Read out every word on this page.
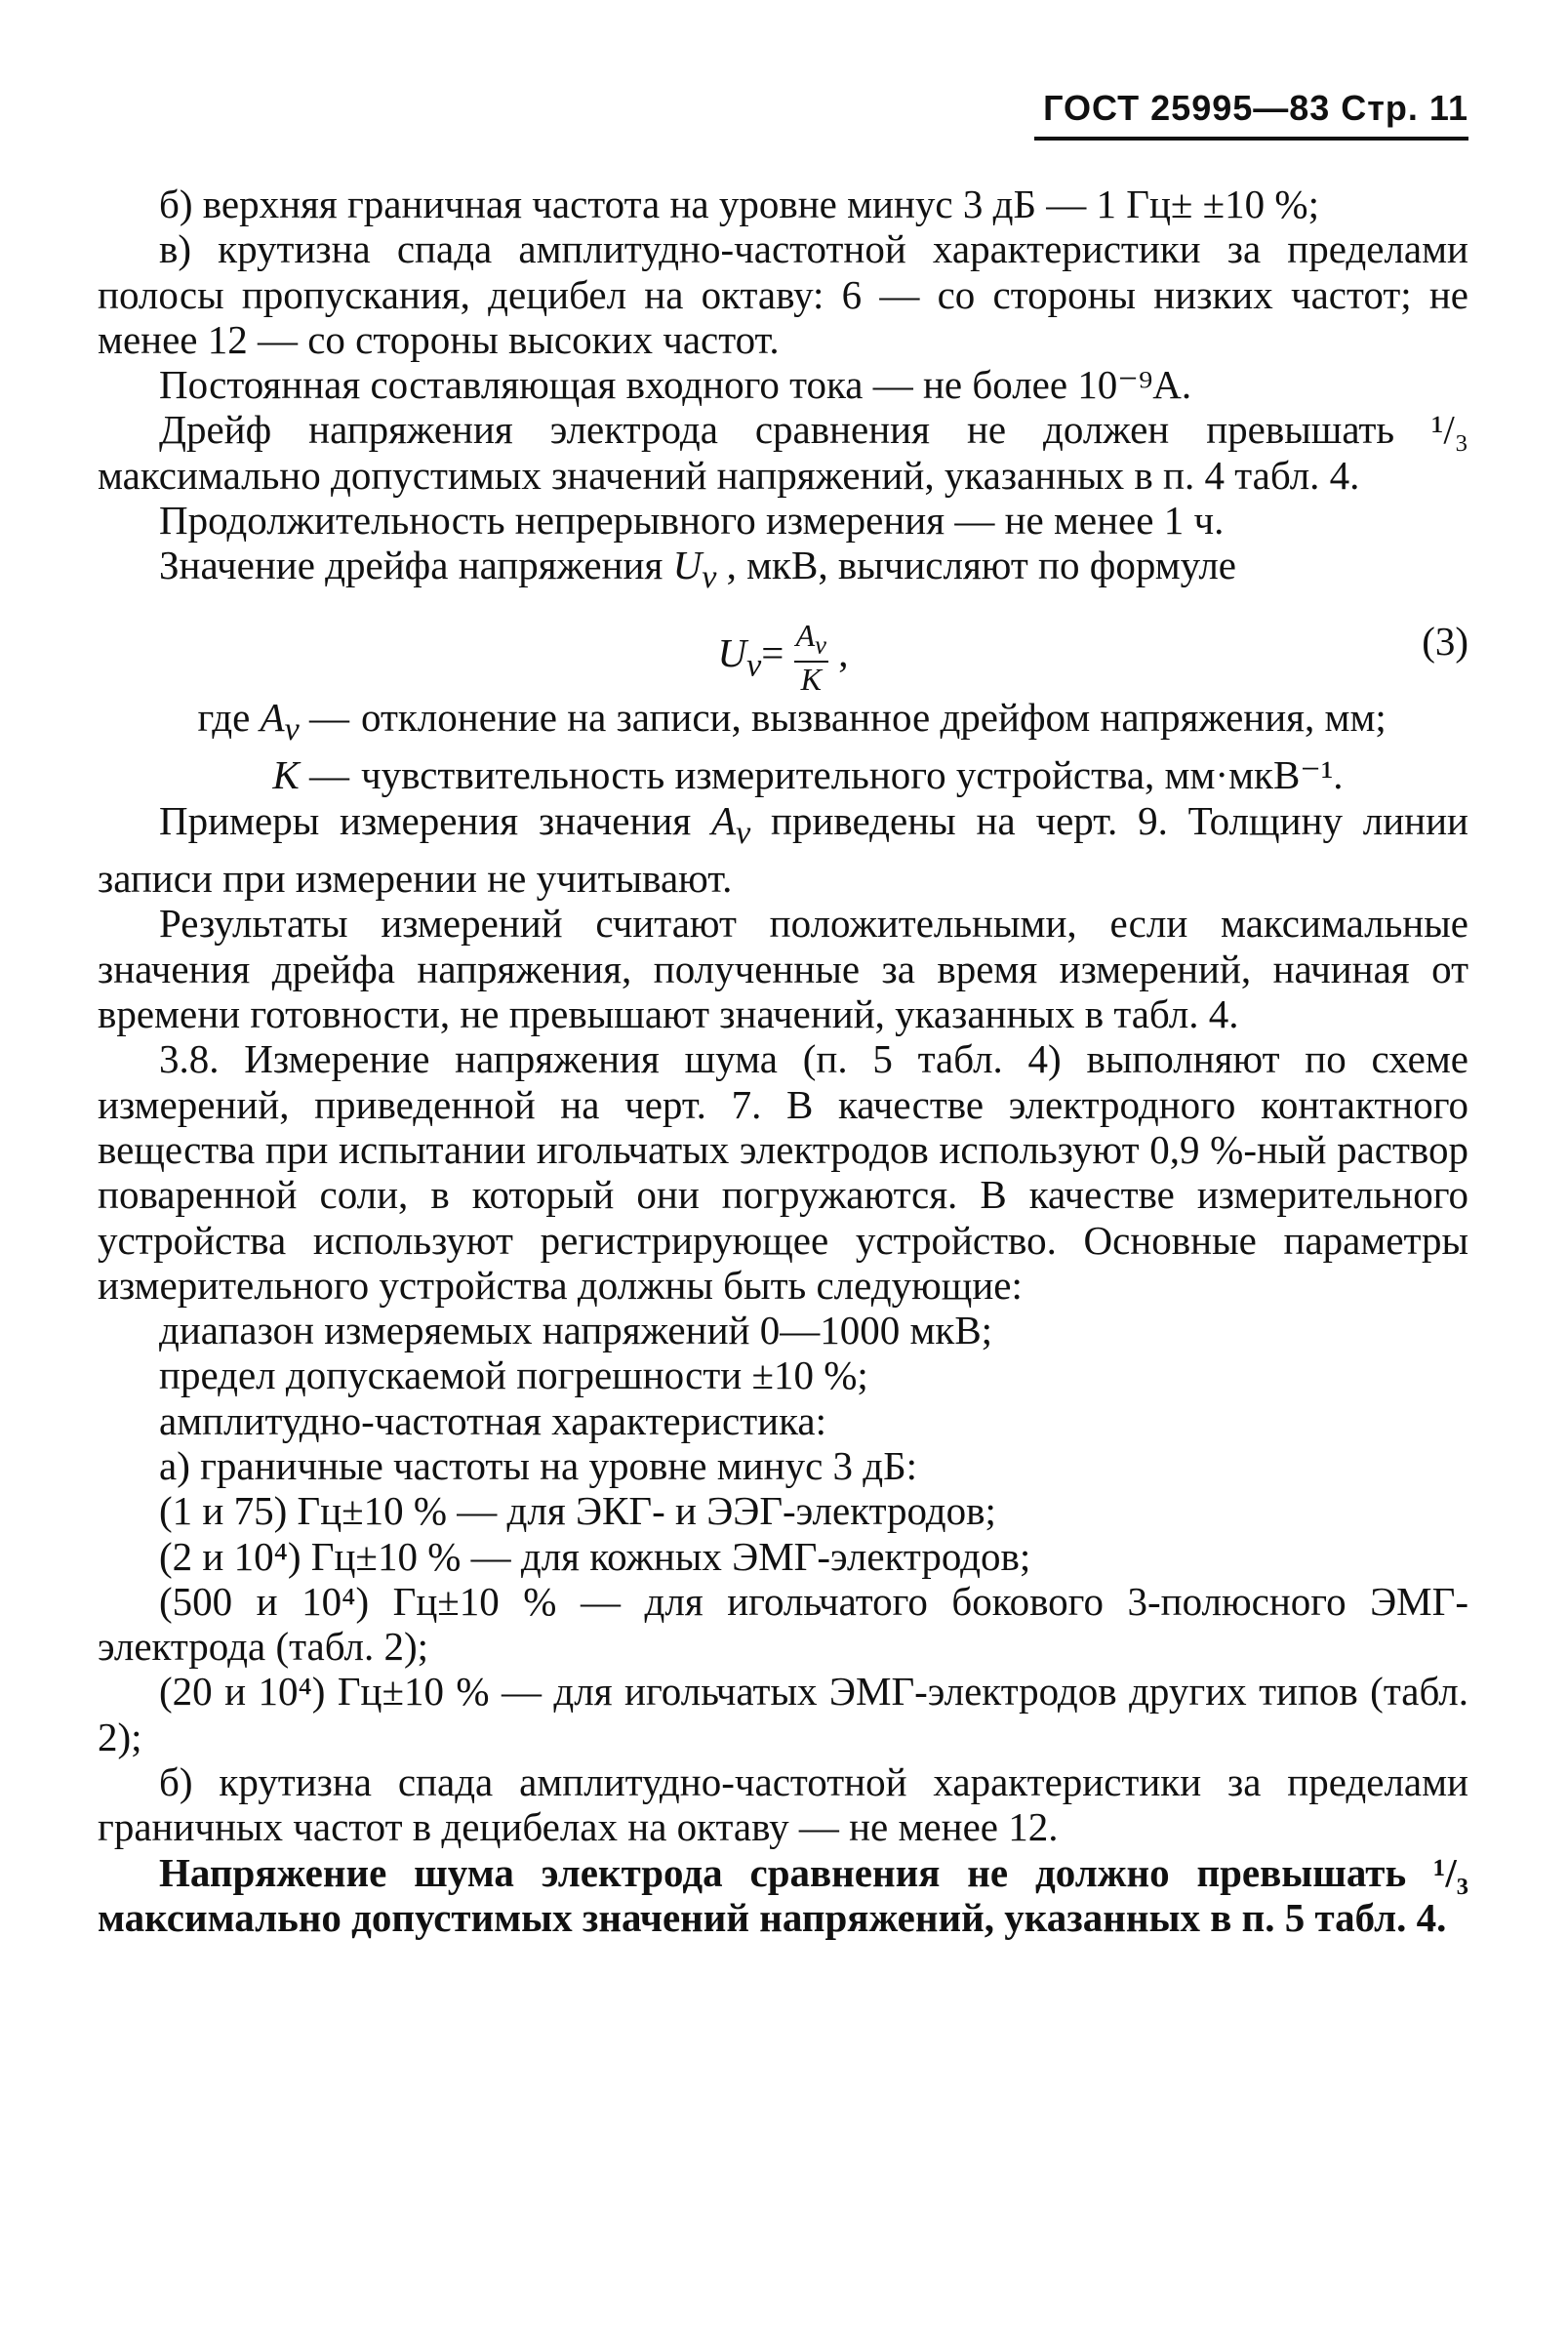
ГОСТ 25995—83 Стр. 11

б) верхняя граничная частота на уровне минус 3 дБ — 1 Гц± ±10 %;

в) крутизна спада амплитудно-частотной характеристики за пределами полосы пропускания, децибел на октаву: 6 — со стороны низких частот; не менее 12 — со стороны высоких частот.

Постоянная составляющая входного тока — не более 10⁻⁹А.

Дрейф напряжения электрода сравнения не должен превышать ¹/₃ максимально допустимых значений напряжений, указанных в п. 4 табл. 4.

Продолжительность непрерывного измерения — не менее 1 ч.

Значение дрейфа напряжения $U_v$ , мкВ, вычисляют по формуле

$U_v= \frac{A_v}{K}$ ,	(3)
где $A_v$ — отклонение на записи, вызванное дрейфом напряжения, мм;
K — чувствительность измерительного устройства, мм·мкВ⁻¹.

Примеры измерения значения $A_v$ приведены на черт. 9. Толщину линии записи при измерении не учитывают.

Результаты измерений считают положительными, если максимальные значения дрейфа напряжения, полученные за время измерений, начиная от времени готовности, не превышают значений, указанных в табл. 4.

3.8. Измерение напряжения шума (п. 5 табл. 4) выполняют по схеме измерений, приведенной на черт. 7. В качестве электродного контактного вещества при испытании игольчатых электродов используют 0,9 %-ный раствор поваренной соли, в который они погружаются. В качестве измерительного устройства используют регистрирующее устройство. Основные параметры измерительного устройства должны быть следующие:

диапазон измеряемых напряжений 0—1000 мкВ;

предел допускаемой погрешности ±10 %;

амплитудно-частотная характеристика:

а) граничные частоты на уровне минус 3 дБ:

(1 и 75) Гц±10 % — для ЭКГ- и ЭЭГ-электродов;

(2 и 10⁴) Гц±10 % — для кожных ЭМГ-электродов;

(500 и 10⁴) Гц±10 % — для игольчатого бокового 3-полюсного ЭМГ-электрода (табл. 2);

(20 и 10⁴) Гц±10 % — для игольчатых ЭМГ-электродов других типов (табл. 2);

б) крутизна спада амплитудно-частотной характеристики за пределами граничных частот в децибелах на октаву — не менее 12.

Напряжение шума электрода сравнения не должно превышать ¹/₃ максимально допустимых значений напряжений, указанных в п. 5 табл. 4.
